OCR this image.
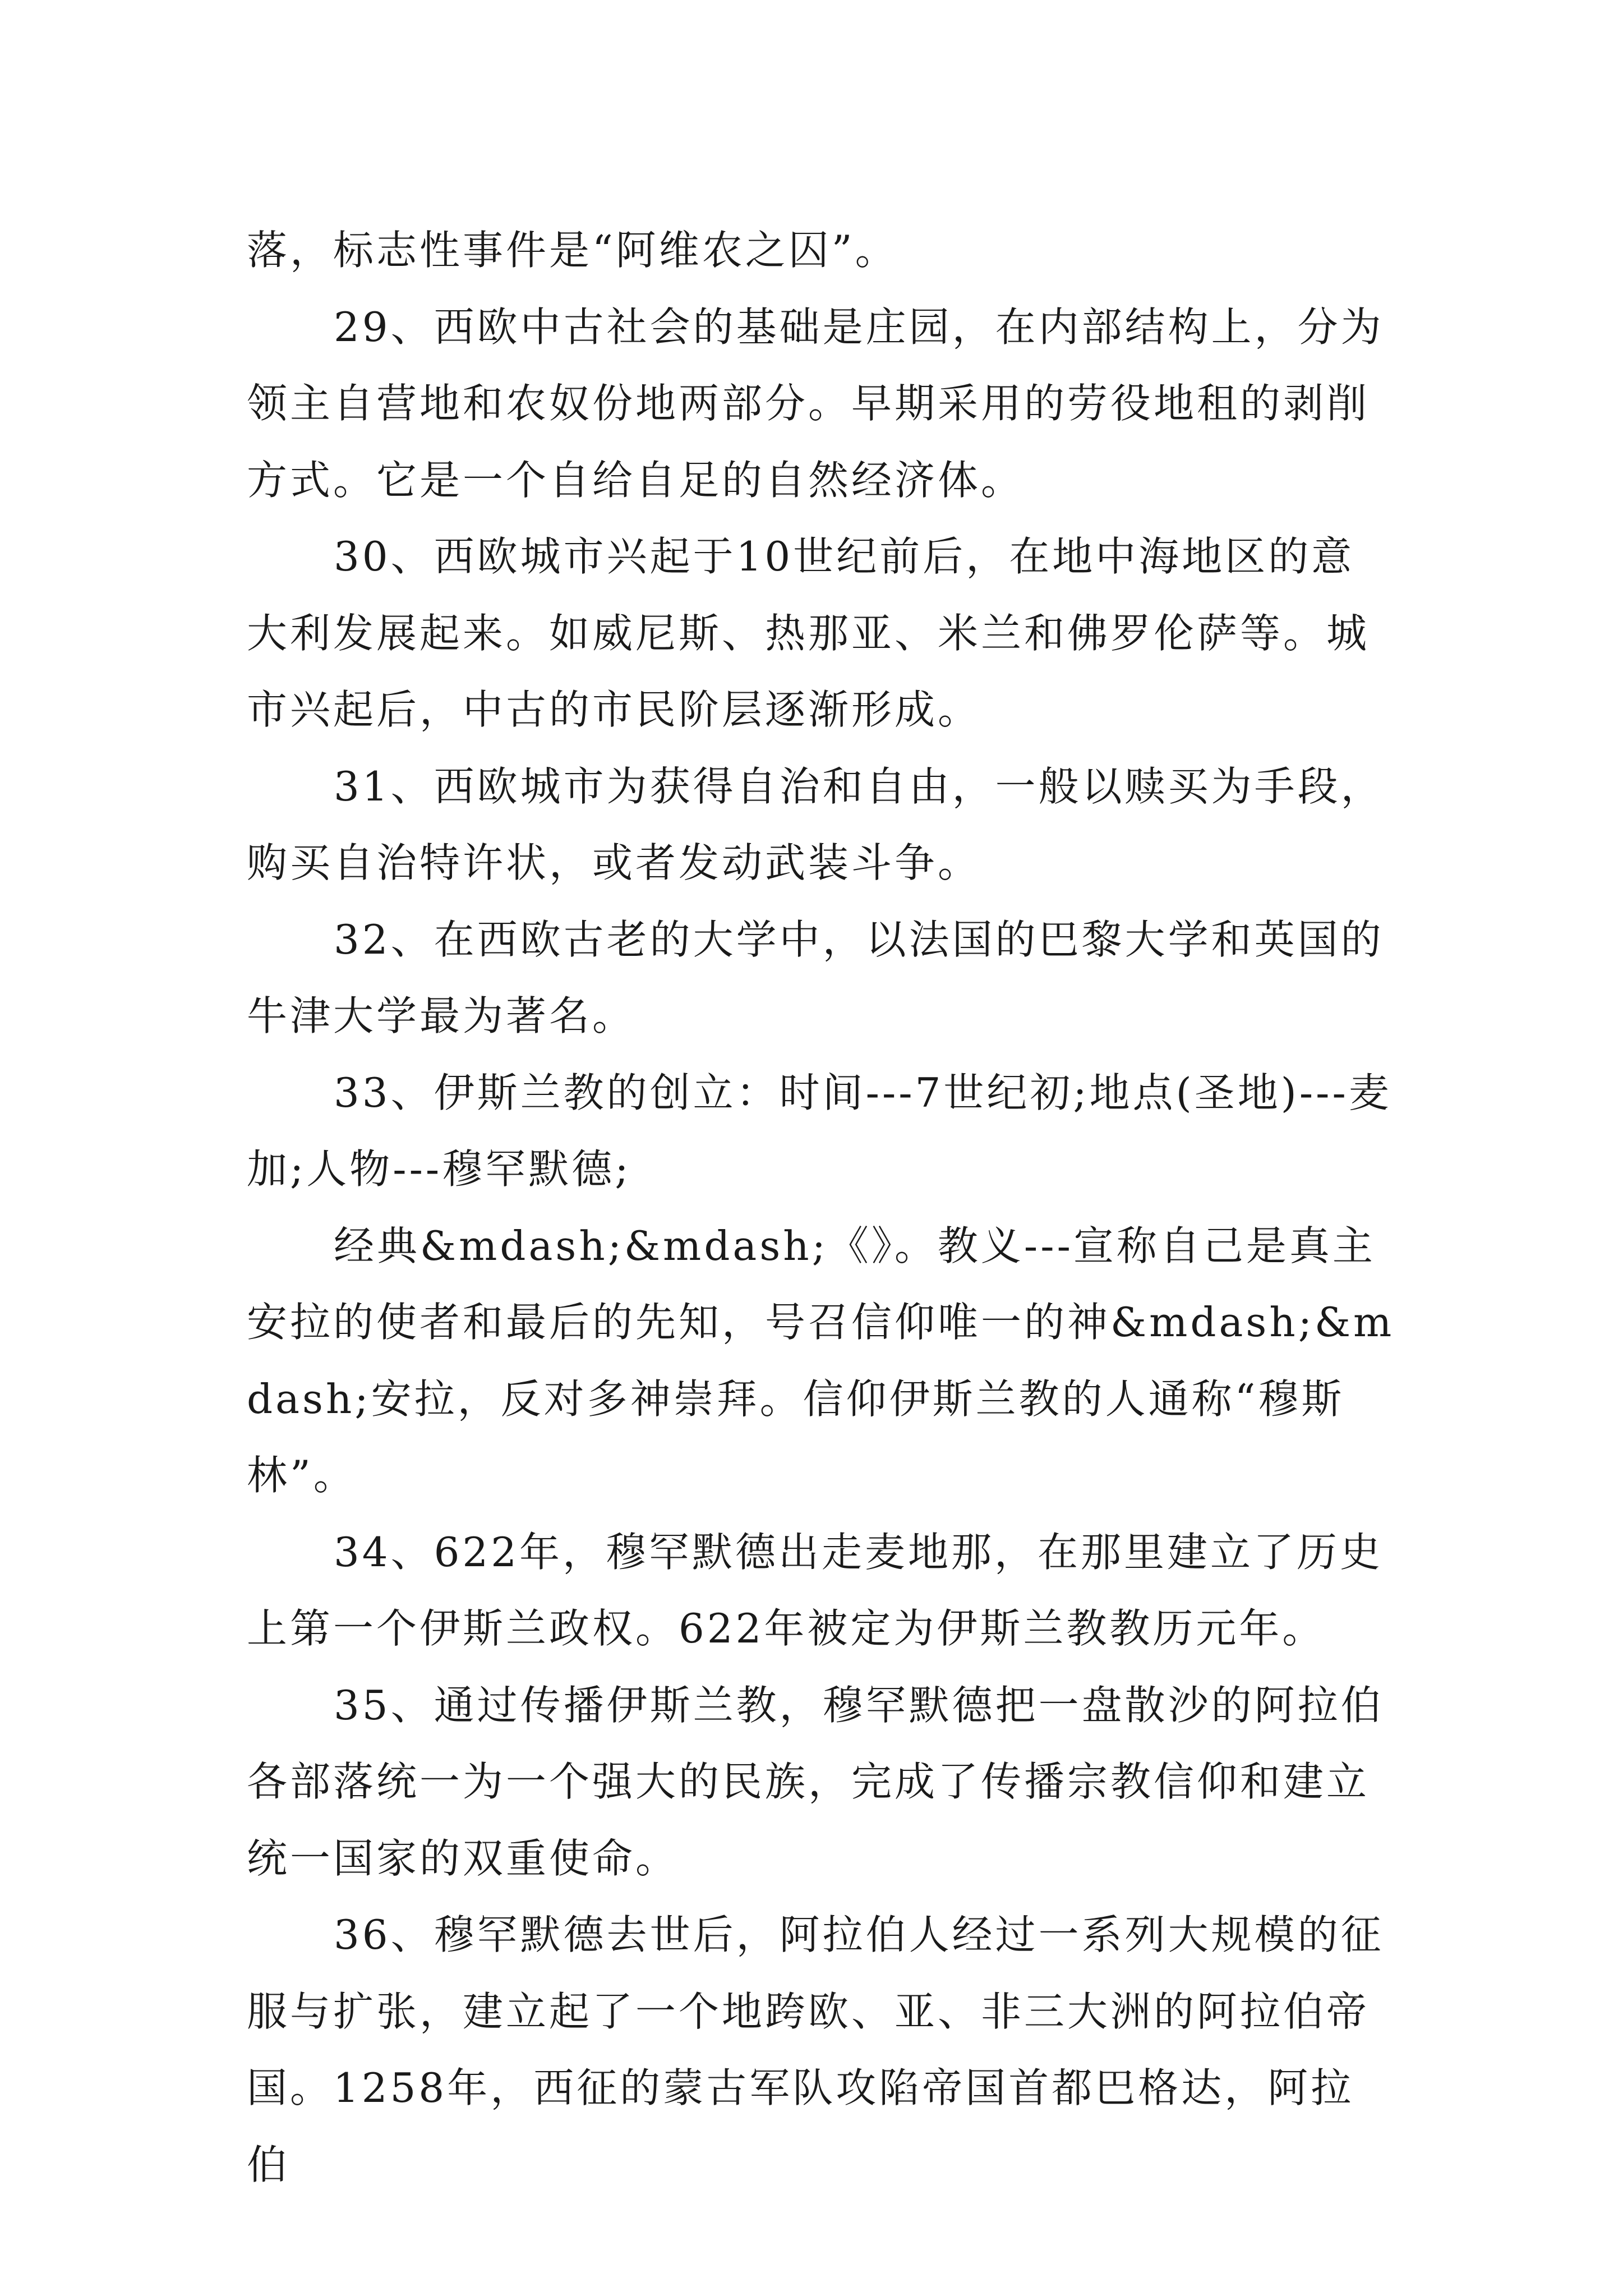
落，标志性事件是“阿维农之囚”。

29、西欧中古社会的基础是庄园，在内部结构上，分为领主自营地和农奴份地两部分。早期采用的劳役地租的剥削方式。它是一个自给自足的自然经济体。

30、西欧城市兴起于10世纪前后，在地中海地区的意大利发展起来。如威尼斯、热那亚、米兰和佛罗伦萨等。城市兴起后，中古的市民阶层逐渐形成。

31、西欧城市为获得自治和自由，一般以赎买为手段，购买自治特许状，或者发动武装斗争。

32、在西欧古老的大学中，以法国的巴黎大学和英国的牛津大学最为著名。

33、伊斯兰教的创立：时间---7世纪初;地点(圣地)---麦加;人物---穆罕默德;

经典&mdash;&mdash;《》。教义---宣称自己是真主安拉的使者和最后的先知，号召信仰唯一的神&mdash;&mdash;安拉，反对多神崇拜。信仰伊斯兰教的人通称“穆斯林”。

34、622年，穆罕默德出走麦地那，在那里建立了历史上第一个伊斯兰政权。622年被定为伊斯兰教教历元年。

35、通过传播伊斯兰教，穆罕默德把一盘散沙的阿拉伯各部落统一为一个强大的民族，完成了传播宗教信仰和建立统一国家的双重使命。

36、穆罕默德去世后，阿拉伯人经过一系列大规模的征服与扩张，建立起了一个地跨欧、亚、非三大洲的阿拉伯帝国。1258年，西征的蒙古军队攻陷帝国首都巴格达，阿拉伯
